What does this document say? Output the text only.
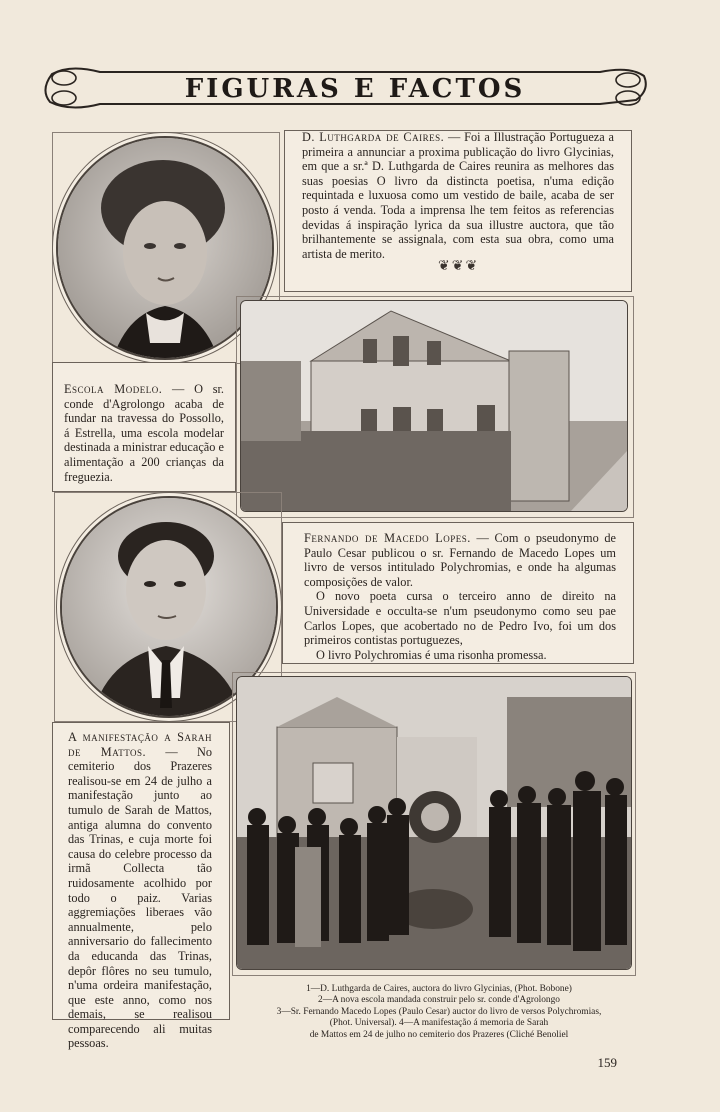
FIGURAS E FACTOS

D. Luthgarda de Caires. — Foi a Illustração Portugueza a primeira a annunciar a proxima publicação do livro Glycinias, em que a sr.ª D. Luthgarda de Caires reunira as melhores das suas poesias O livro da distincta poetisa, n'uma edição requintada e luxuosa como um vestido de baile, acaba de ser posto á venda. Toda a imprensa lhe tem feitos as referencias devidas á inspiração lyrica da sua illustre auctora, que tão brilhantemente se assignala, com esta sua obra, como uma artista de merito.

❦❦❦

Escola Modelo. — O sr. conde d'Agrolongo acaba de fundar na travessa do Possollo, á Estrella, uma escola modelar destinada a ministrar educação e alimentação a 200 crianças da freguezia.

Fernando de Macedo Lopes. — Com o pseudonymo de Paulo Cesar publicou o sr. Fernando de Macedo Lopes um livro de versos intitulado Polychromias, e onde ha algumas composições de valor.

O novo poeta cursa o terceiro anno de direito na Universidade e occulta-se n'um pseudonymo como seu pae Carlos Lopes, que acobertado no de Pedro Ivo, foi um dos primeiros contistas portuguezes,

O livro Polychromias é uma risonha promessa.

A manifestação a Sarah de Mattos. — No cemiterio dos Prazeres realisou-se em 24 de julho a manifestação junto ao tumulo de Sarah de Mattos, antiga alumna do convento das Trinas, e cuja morte foi causa do celebre processo da irmã Collecta tão ruidosamente acolhido por todo o paiz. Varias aggremiações liberaes vão annualmente, pelo anniversario do fallecimento da educanda das Trinas, depôr flôres no seu tumulo, n'uma ordeira manifestação, que este anno, como nos demais, se realisou comparecendo ali muitas pessoas.

1—D. Luthgarda de Caires, auctora do livro Glycinias, (Phot. Bobone)
2—A nova escola mandada construir pelo sr. conde d'Agrolongo
3—Sr. Fernando Macedo Lopes (Paulo Cesar) auctor do livro de versos Polychromias, (Phot. Universal). 4—A manifestação á memoria de Sarah
de Mattos em 24 de julho no cemiterio dos Prazeres (Cliché Benoliel
159
